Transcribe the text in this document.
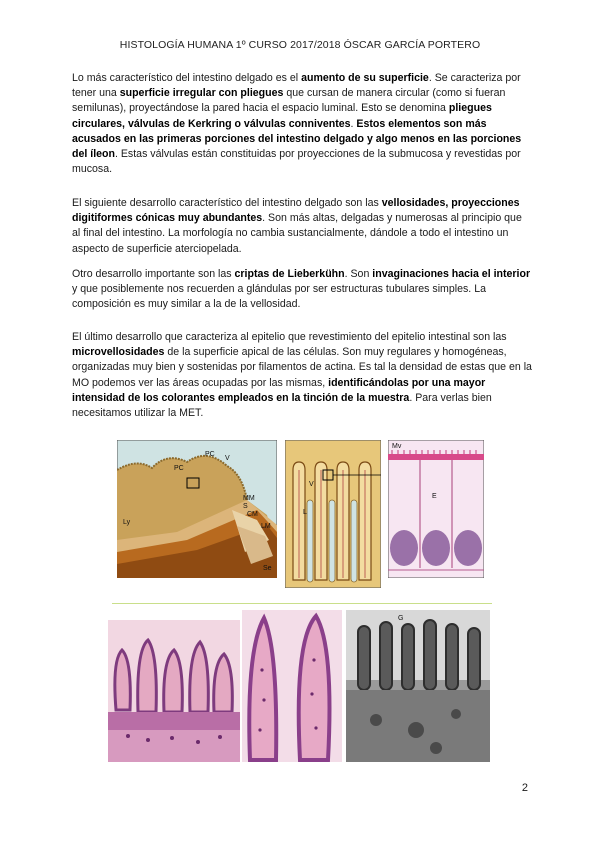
HISTOLOGÍA HUMANA 1º CURSO 2017/2018 ÓSCAR GARCÍA PORTERO
Lo más característico del intestino delgado es el aumento de su superficie. Se caracteriza por tener una superficie irregular con pliegues que cursan de manera circular (como si fueran semilunas), proyectándose la pared hacia el espacio luminal. Esto se denomina pliegues circulares, válvulas de Kerkring o válvulas conniventes. Estos elementos son más acusados en las primeras porciones del intestino delgado y algo menos en las porciones del íleon. Estas válvulas están constituidas por proyecciones de la submucosa y revestidas por mucosa.
El siguiente desarrollo característico del intestino delgado son las vellosidades, proyecciones digitiformes cónicas muy abundantes. Son más altas, delgadas y numerosas al principio que al final del intestino. La morfología no cambia sustancialmente, dándole a todo el intestino un aspecto de superficie aterciopelada.
Otro desarrollo importante son las criptas de Lieberkühn. Son invaginaciones hacia el interior y que posiblemente nos recuerden a glándulas por ser estructuras tubulares simples. La composición es muy similar a la de la vellosidad.
El último desarrollo que caracteriza al epitelio que revestimiento del epitelio intestinal son las microvellosidades de la superficie apical de las células. Son muy regulares y homogéneas, organizadas muy bien y sostenidas por filamentos de actina. Es tal la densidad de estas que en la MO podemos ver las áreas ocupadas por las mismas, identificándolas por una mayor intensidad de los colorantes empleados en la tinción de la muestra. Para verlas bien necesitamos utilizar la MET.
PC
PC
V
MM
S
CM
LM
Se
Ly
V
L
Mv
E
G
2
